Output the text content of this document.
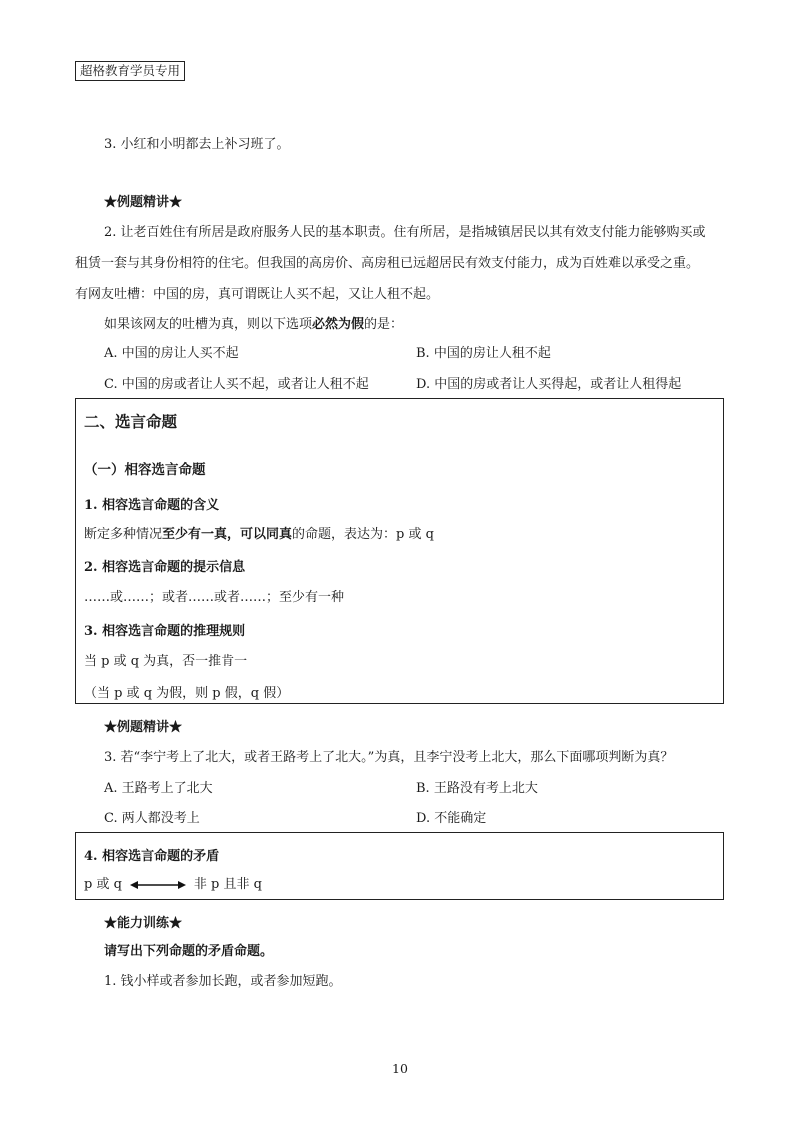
超格教育学员专用
3. 小红和小明都去上补习班了。
★例题精讲★
2. 让老百姓住有所居是政府服务人民的基本职责。住有所居，是指城镇居民以其有效支付能力能够购买或
租赁一套与其身份相符的住宅。但我国的高房价、高房租已远超居民有效支付能力，成为百姓难以承受之重。
有网友吐槽：中国的房，真可谓既让人买不起，又让人租不起。
如果该网友的吐槽为真，则以下选项必然为假的是：
A. 中国的房让人买不起	B. 中国的房让人租不起
C. 中国的房或者让人买不起，或者让人租不起	D. 中国的房或者让人买得起，或者让人租得起
二、选言命题
（一）相容选言命题
1. 相容选言命题的含义
断定多种情况至少有一真，可以同真的命题，表达为：p 或 q
2. 相容选言命题的提示信息
……或……；或者……或者……；至少有一种
3. 相容选言命题的推理规则
当 p 或 q 为真，否一推肯一
（当 p 或 q 为假，则 p 假，q 假）
★例题精讲★
3. 若“李宁考上了北大，或者王路考上了北大。”为真，且李宁没考上北大，那么下面哪项判断为真？
A. 王路考上了北大	B. 王路没有考上北大
C. 两人都没考上	D. 不能确定
4. 相容选言命题的矛盾
p 或 q	非 p 且非 q
★能力训练★
请写出下列命题的矛盾命题。
1. 钱小样或者参加长跑，或者参加短跑。
10
